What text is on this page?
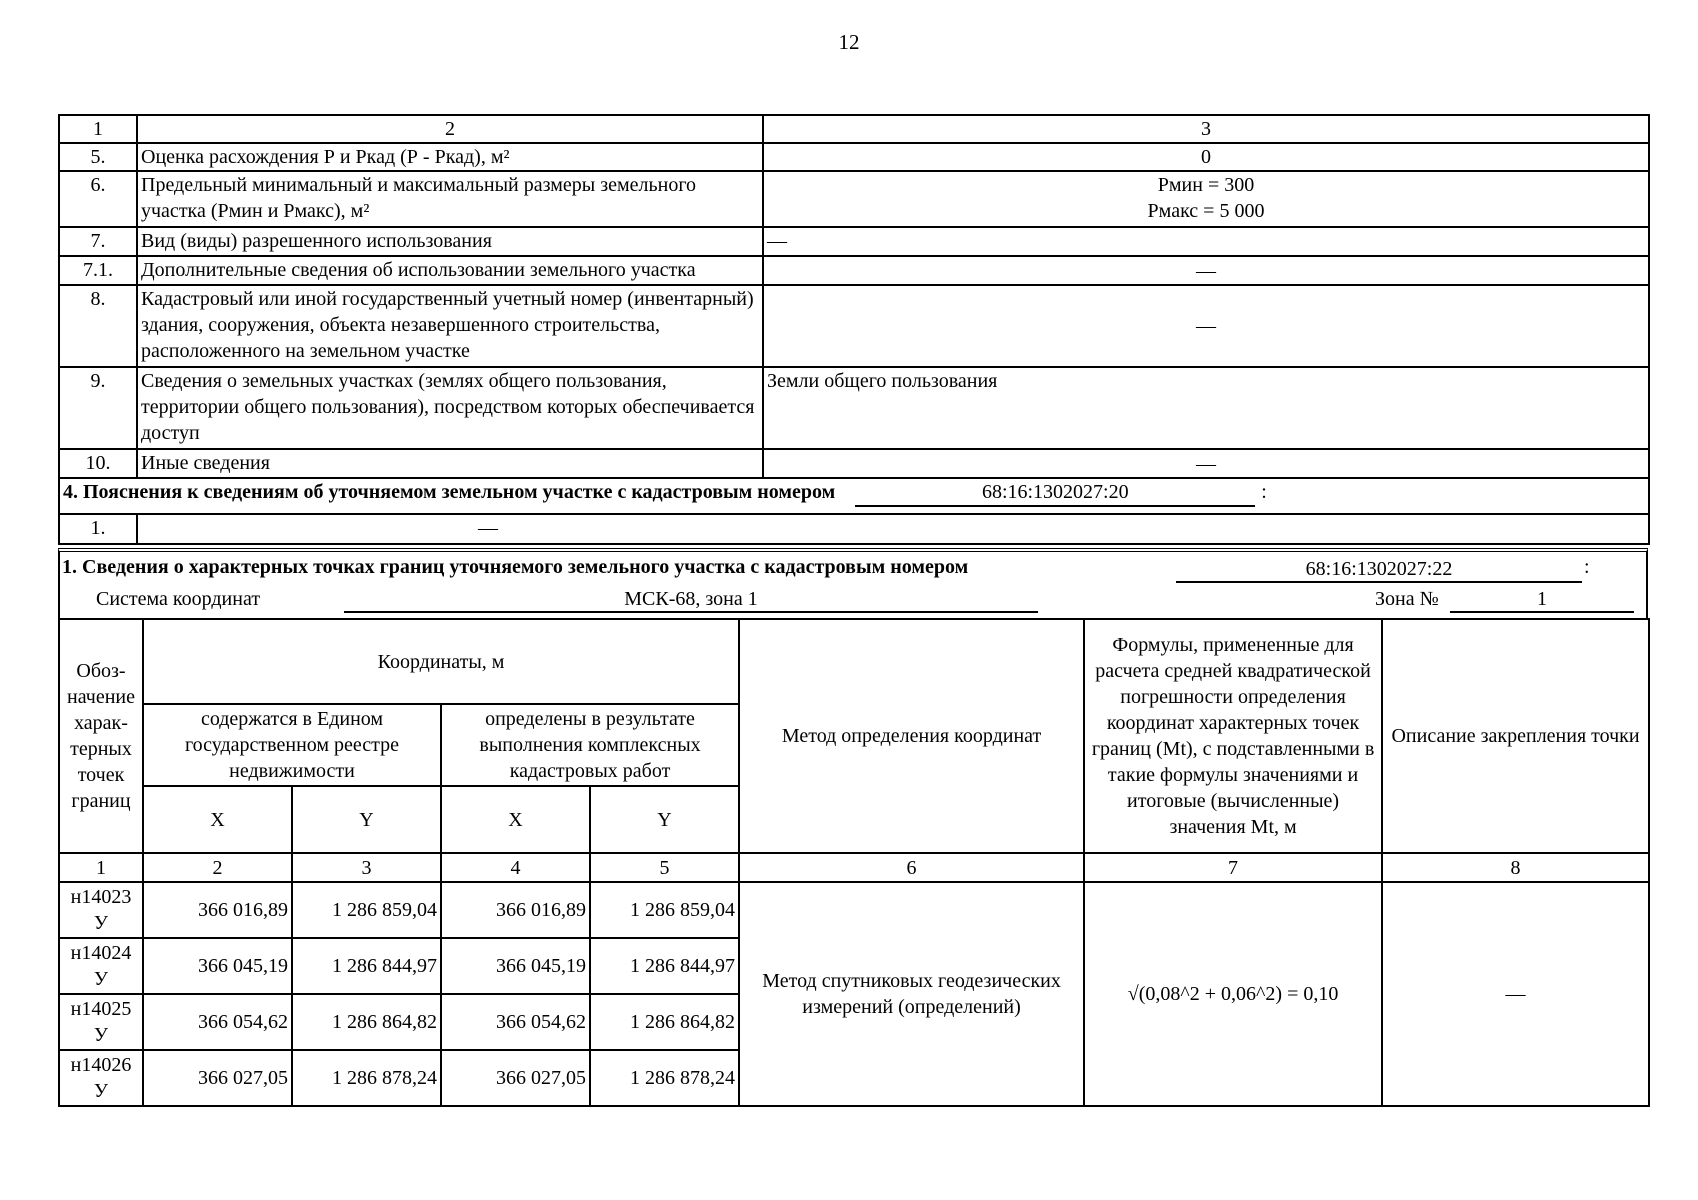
12
1	2	3
5.	Оценка расхождения Р и Ркад (Р - Ркад), м²	0
6.	Предельный минимальный и максимальный размеры земельного участка (Рмин и Рмакс), м²	Рмин = 300
Рмакс = 5 000

7.	Вид (виды) разрешенного использования	—
7.1.	Дополнительные сведения об использовании земельного участка	—
8.	Кадастровый или иной государственный учетный номер (инвентарный) здания, сооружения, объекта незавершенного строительства, расположенного на земельном участке	—
9.	Сведения о земельных участках (землях общего пользования, территории общего пользования), посредством которых обеспечивается доступ	Земли общего пользования
10.	Иные сведения	—
4. Пояснения к сведениям об уточняемом земельном участке с кадастровым номером 68:16:1302027:20 :		
1.	—	
1. Сведения о характерных точках границ уточняемого земельного участка с кадастровым номером	68:16:1302027:22	:
Система координат	МСК-68, зона 1	Зона №	1
Обоз-начение харак-терных точек границ	Координаты, м				Метод определения координат	Формулы, примененные для расчета средней квадратической погрешности определения координат характерных точек границ (Mt), с подставленными в такие формулы значениями и итоговые (вычисленные) значения Mt, м	Описание закрепления точки
	содержатся в Едином государственном реестре недвижимости		определены в результате выполнения комплексных кадастровых работ				
	X	Y	X	Y			
1	2	3	4	5	6	7	8

н14023
У	366 016,89	1 286 859,04	366 016,89	1 286 859,04	Метод спутниковых геодезических измерений (определений)	√(0,08^2 + 0,06^2) = 0,10	—

н14024
У	366 045,19	1 286 844,97	366 045,19	1 286 844,97			

н14025
У	366 054,62	1 286 864,82	366 054,62	1 286 864,82			

н14026
У	366 027,05	1 286 878,24	366 027,05	1 286 878,24			
